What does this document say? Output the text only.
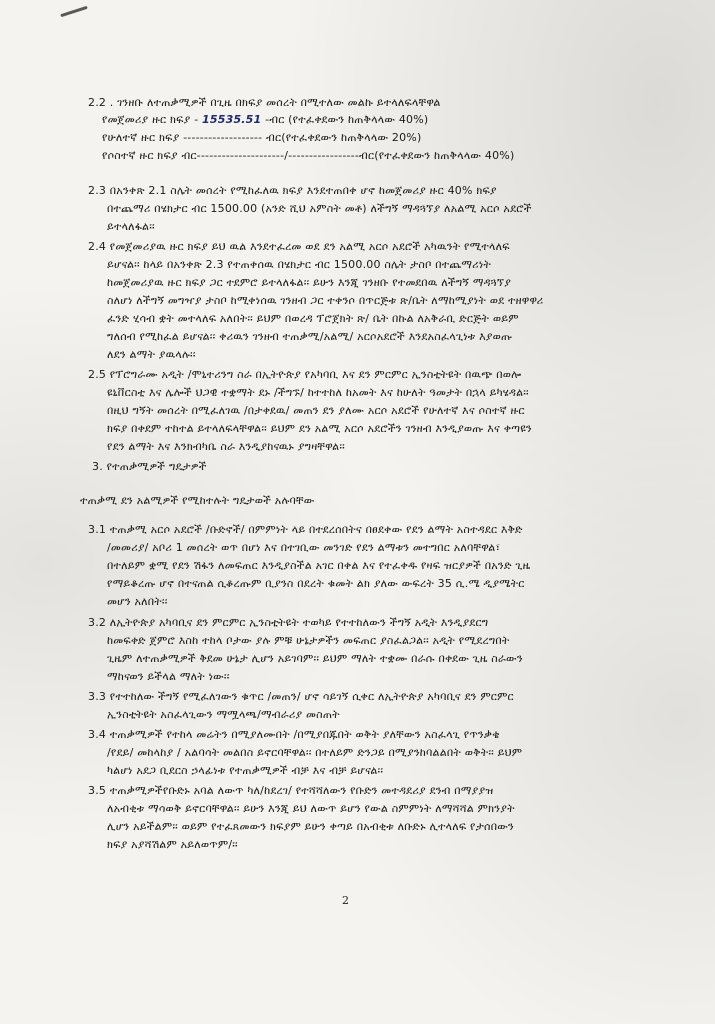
2.2 . ገንዘቡ ለተጠቃሚዎች በጊዜ በክፍያ መሰረት በሚተለው መልኩ ይተላለፍላቸዋል
የመጀመሪያ ዙር ክፍያ - 15535.51 -ብር (የተፈቀደውን ከጠቅላላው 40%)
የሁለተኛ ዙር ክፍያ ------------------- ብር(የተፈቀደውን ከጠቅላላው 20%)
የሶስተኛ ዙር ክፍያ ብር---------------------/-----------------ብር(የተፈቀደውን ከጠቅላላው 40%)
2.3 በአንቀጽ 2.1 ስሌት መሰረት የሚከፈለዉ ክፍያ እንደተጠበቀ ሆኖ ከመጀመሪያ ዙር 40% ክፍያ
በተጨማሪ በሄክታር ብር 1500.00 (አንድ ሺህ አምስት መቶ) ለችግኝ ማዳጓኘያ ለአልሚ አርሶ አደሮች
ይተላለፋል፡፡
2.4 የመጀመሪያዉ ዙር ክፍያ ይህ ዉል እንደተፈረመ ወደ ደን አልሚ አርሶ አደሮች አካዉንት የሚተላለፍ
ይሆናል፡፡ ከላይ በአንቀጽ 2.3 የተጠቀሰዉ በሄክታር ብር 1500.00 ስሌት ታስቦ በተጨማሪነት
ከመጀመሪያዉ ዙር ክፍያ ጋር ተደምሮ ይተላለፋል፡፡ ይሁን እንጂ ገንዘቡ የተመደበዉ ለችግኝ ማዳጓኘያ
ስለሆነ ለችግኝ መግዣያ ታስቦ ከሚቀነሰዉ ገንዘብ ጋር ተቀንሶ በጥርጅቱ ጽ/ቤት ለማከሚያነት ወደ ተዘዋዋሪ
ፈንድ ሂሳብ ቋት መተላለፍ አለበት፡፡ ይህም በወረዳ ፕሮጀክት ጽ/ ቤት በኩል ለአቅራቢ ድርጅት ወይም
ግለሰብ የሚከፈል ይሆናል፡፡ ቀሪዉን ገንዘብ ተጠቃሚ/አልሚ/ አርሶአደሮች እንደአስፈላጊነቱ እያወጡ
ለደን ልማት ያዉላሉ፡፡
2.5 የፕሮግራሙ አዲት /ሞኒተሪንግ ስራ በኢትዮጵያ የአካባቢ እና ደን ምርምር ኢንስቲትዩት በዉጭ በወሎ
ዩኒቨርስቲ እና ሌሎች ህጋዊ ተቋማት ደኑ /ችግኙ/ ከተተከለ ከአመት እና ከሁለት ዓመታት በኋላ ይካሄዳል፡፡
በዚህ ግኝት መሰረት በሚፈለገዉ /በታቀደዉ/ መጠን ደን ያለሙ አርሶ አደሮች የሁለተኛ እና ሶስተኛ ዙር
ክፍያ በቀደም ተከተል ይተላለፍላቸዋል፡፡ ይህም ደን አልሚ አርሶ አደሮችን ገንዘብ እንዲያወጡ እና ቀጣዩን
የደን ልማት እና እንክብካቤ ስራ እንዲያከናዉኑ ያግዛቸዋል፡፡
3. የተጠቃሚዎች ግዴታዎች
ተጠቃሚ ደን አልሚዎች የሚከተሉት ግዴታወች አሉባቸው
3.1 ተጠቃሚ አርሶ አደሮች /ቡድኖች/ በምምነት ላይ በተደረሰበትና በፀደቀው የደን ልማት አስተዳደር እቅድ
/መመሪያ/ አቦሪ 1 መሰረት ወጥ በሆነ እና በተገቢው መንገድ የደን ልማቱን መተግበር አለባቸዋል፣
በተለይም ቋሚ የደን ሽፋን ለመፍጠር እንዲያስችል አገር በቀል እና የተፈቀዱ የዛፍ ዝርያዎች በአንድ ጊዜ
የማይቆረጡ ሆኖ በተናጠል ሲቆረጡም ቢያንስ በደረት ቁመት ልክ ያለው ውፍረት 35 ሲ.ሜ ዲያሜትር
መሆን አለበት፡፡
3.2 ለኢትዮጵያ አካባቢና ደን ምርምር ኢንስቲትዩት ተወካይ የተተከለውን ችግኝ አዲት እንዲያደርግ
ከመፍቀድ ጀምሮ እስከ ተከላ ቦታው ያሉ ምቹ ሁኔታዎችን መፍጠር ያስፈልጋል፡፡ አዲት የሚደረግበት
ጊዜም ለተጠቃሚዎች ቅደመ ሁኔታ ሊሆን አይገባም፡፡ ይህም ማለት ተቋሙ በራሱ በቀደው ጊዜ ስራውን
ማከናወን ይችላል ማለት ነው፡፡
3.3 የተተከለው ችግኝ የሚፈለገውን ቁጥር /መጠን/ ሆኖ ሳይገኝ ሲቀር ለኢትዮጵያ አካባቢና ደን ምርምር
ኢንስቲትዩት አስፈላጊውን ማሟላጫ/ማብራሪያ መስጠት
3.4 ተጠቃሚዎች የተከላ መሬትን በሚያለሙበት /በሚያበጁበት ወቅት ያለቸውን አስፈላጊ የጥንቃቄ
/የደይ/ መከላከያ / አልባሳት መልበስ ይኖርባቸዋል፡፡ በተለይም ድንጋይ በሚያንከባልልበት ወቅት፡፡ ይህም
ካልሆነ አደጋ ቢደርስ ኃላፊነቱ የተጠቃሚዎች ብቻ እና ብቻ ይሆናል፡፡
3.5 ተጠቃሚዎችየቡድኑ አባል ለውጥ ካለ/ከደረገ/ የተሻሻለውን የቡድን መተዳደሪያ ደንብ በማያያዝ
ለአብቂቱ ማሳወቅ ይኖርባቸዋል፡፡ ይሁን እንጂ ይህ ለውጥ ይሆን የውል ስምምነት ለማሻሻል ምክንያት
ሊሆን አይችልም፡፡ ወይም የተፈጸመውን ክፍያም ይሁን ቀጣይ በአብቂቱ ለቡድኑ ሊተላለፍ የታሰበውን
ክፍያ አያሻሽልም አይለወጥም/፡፡
2
